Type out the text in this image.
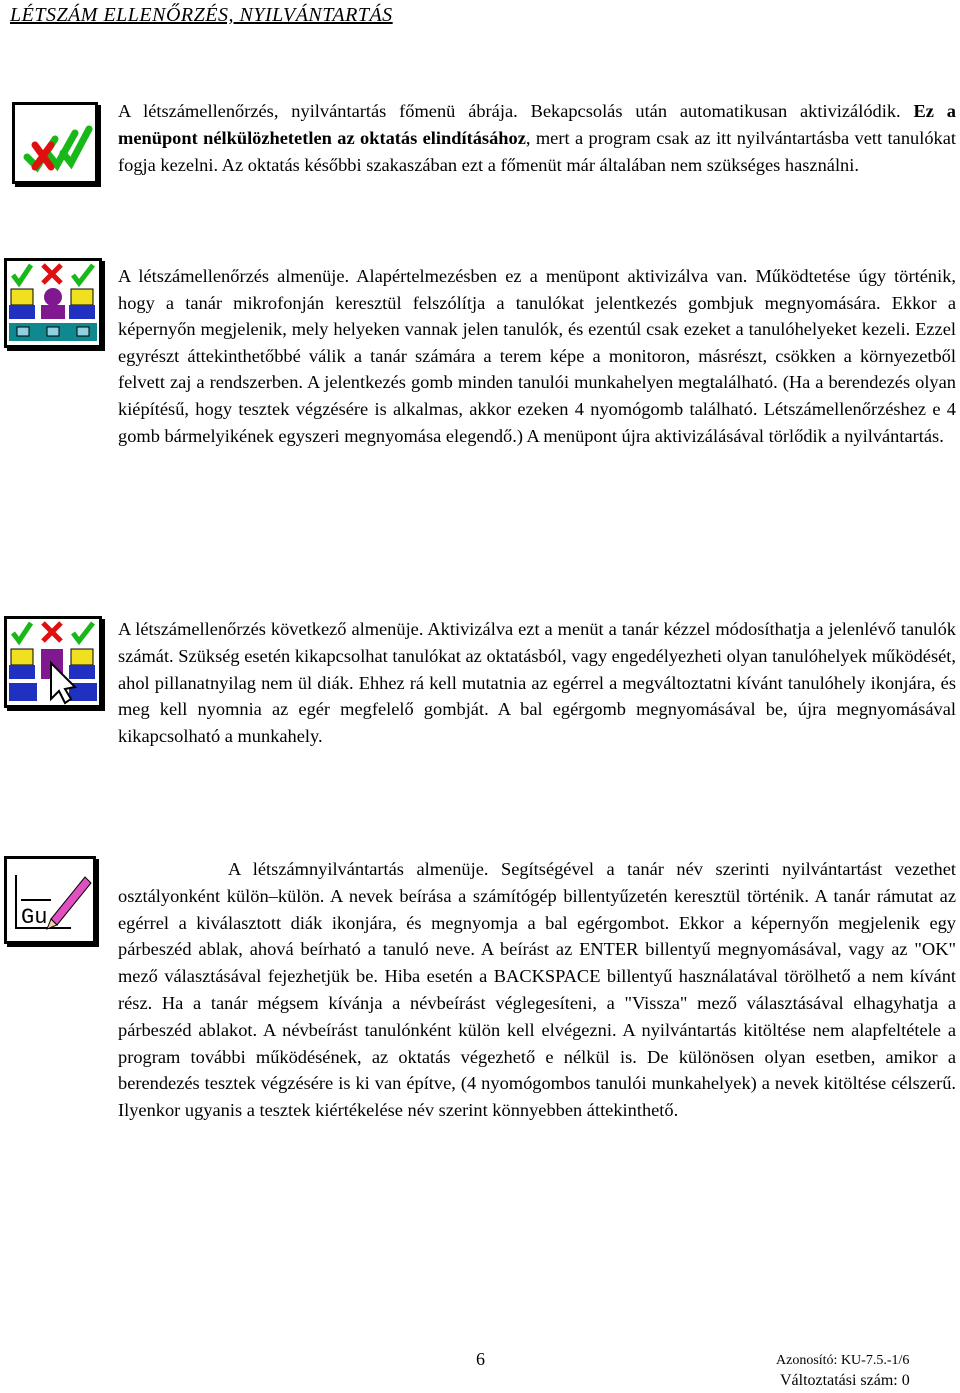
LÉTSZÁM ELLENŐRZÉS, NYILVÁNTARTÁS

A létszámellenőrzés, nyilvántartás főmenü ábrája. Bekapcsolás után automatikusan aktivizálódik. Ez a menüpont nélkülözhetetlen az oktatás elindításához, mert a program csak az itt nyilvántartásba vett tanulókat fogja kezelni. Az oktatás későbbi szakaszában ezt a főmenüt már általában nem szükséges használni.

A létszámellenőrzés almenüje. Alapértelmezésben ez a menüpont aktivizálva van. Működtetése úgy történik, hogy a tanár mikrofonján keresztül felszólítja a tanulókat jelentkezés gombjuk megnyomására. Ekkor a képernyőn megjelenik, mely helyeken vannak jelen tanulók, és ezentúl csak ezeket a tanulóhelyeket kezeli. Ezzel egyrészt áttekinthetőbbé válik a tanár számára a terem képe a monitoron, másrészt, csökken a környezetből felvett zaj a rendszerben. A jelentkezés gomb minden tanulói munkahelyen megtalálható. (Ha a berendezés olyan kiépítésű, hogy tesztek végzésére is alkalmas, akkor ezeken 4 nyomógomb található. Létszámellenőrzéshez e 4 gomb bármelyikének egyszeri megnyomása elegendő.) A menüpont újra aktivizálásával törlődik a nyilvántartás.

A létszámellenőrzés következő almenüje. Aktivizálva ezt a menüt a tanár kézzel módosíthatja a jelenlévő tanulók számát. Szükség esetén kikapcsolhat tanulókat az oktatásból, vagy engedélyezheti olyan tanulóhelyek működését, ahol pillanatnyilag nem ül diák. Ehhez rá kell mutatnia az egérrel a megváltoztatni kívánt tanulóhely ikonjára, és meg kell nyomnia az egér megfelelő gombját. A bal egérgomb megnyomásával be, újra megnyomásával kikapcsolható a munkahely.

Gu

A létszámnyilvántartás almenüje. Segítségével a tanár név szerinti nyilvántartást vezethet osztályonként külön–külön. A nevek beírása a számítógép billentyűzetén keresztül történik. A tanár rámutat az egérrel a kiválasztott diák ikonjára, és megnyomja a bal egérgombot. Ekkor a képernyőn megjelenik egy párbeszéd ablak, ahová beírható a tanuló neve. A beírást az ENTER billentyű megnyomásával, vagy az "OK" mező választásával fejezhetjük be. Hiba esetén a BACKSPACE billentyű használatával törölhető a nem kívánt rész. Ha a tanár mégsem kívánja a névbeírást véglegesíteni, a "Vissza" mező választásával elhagyhatja a párbeszéd ablakot. A névbeírást tanulónként külön kell elvégezni. A nyilvántartás kitöltése nem alapfeltétele a program további működésének, az oktatás végezhető e nélkül is. De különösen olyan esetben, amikor a berendezés tesztek végzésére is ki van építve, (4 nyomógombos tanulói munkahelyek) a nevek kitöltése célszerű. Ilyenkor ugyanis a tesztek kiértékelése név szerint könnyebben áttekinthető.

6	Azonosító: KU-7.5.-1/6
Változtatási szám: 0
